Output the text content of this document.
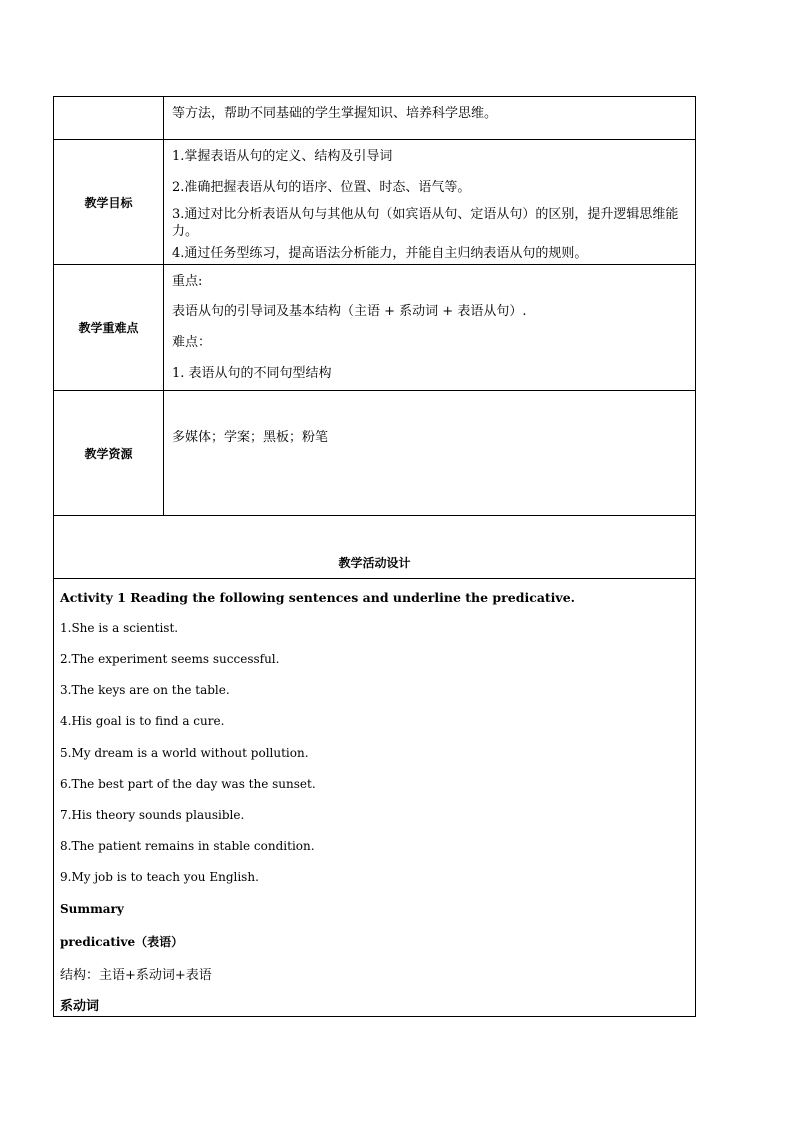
等方法，帮助不同基础的学生掌握知识、培养科学思维。
教学目标
1.掌握表语从句的定义、结构及引导词
2.准确把握表语从句的语序、位置、时态、语气等。
3.通过对比分析表语从句与其他从句（如宾语从句、定语从句）的区别，提升逻辑思维能力。
4.通过任务型练习，提高语法分析能力，并能自主归纳表语从句的规则。
教学重难点
重点:
表语从句的引导词及基本结构（主语 + 系动词 + 表语从句）.
难点：
1. 表语从句的不同句型结构
教学资源
多媒体；学案；黑板；粉笔
教学活动设计
Activity 1 Reading the following sentences and underline the predicative.
1.She is a scientist.
2.The experiment seems successful.
3.The keys are on the table.
4.His goal is to find a cure.
5.My dream is a world without pollution.
6.The best part of the day was the sunset.
7.His theory sounds plausible.
8.The patient remains in stable condition.
9.My job is to teach you English.
Summary
predicative（表语）
结构：主语+系动词+表语
系动词
